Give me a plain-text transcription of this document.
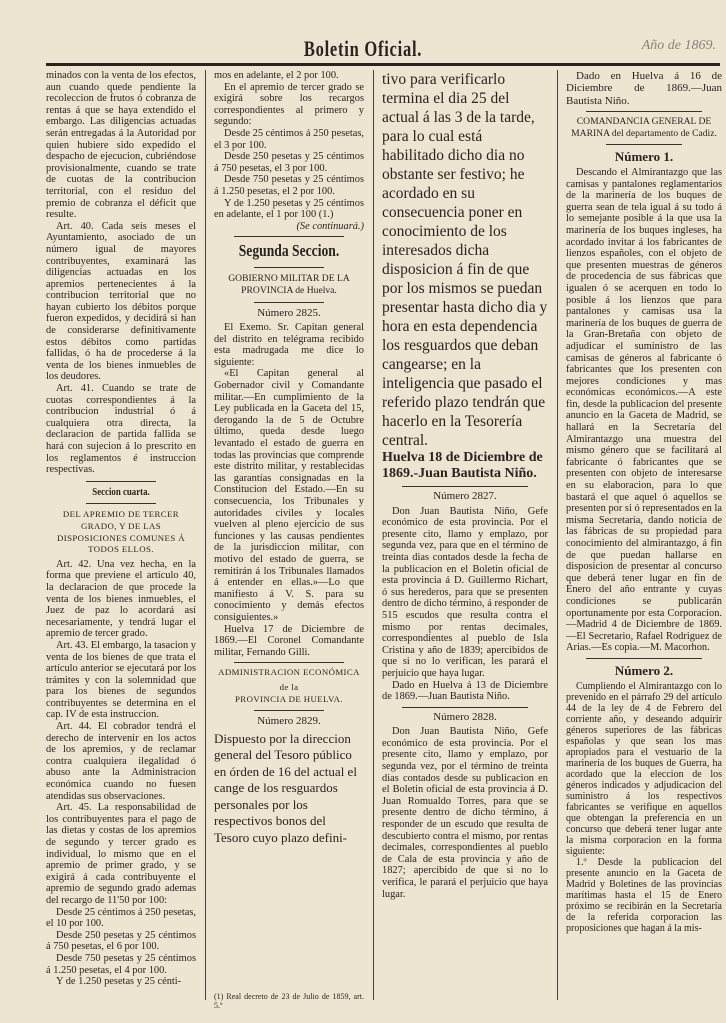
Boletin Oficial.	Año de 1869.

minados con la venta de los efectos, aun cuando quede pendiente la recoleccion de frutos ó cobranza de rentas á que se haya extendido el embargo. Las diligencias actuadas serán entregadas á la Autoridad por quien hubiere sido expedido el despacho de ejecucion, cubriéndose provisionalmente, cuando se trate de cuotas de la contribucion territorial, con el residuo del premio de cobranza el déficit que resulte.

Art. 40. Cada seis meses el Ayuntamiento, asociado de un número igual de mayores contribuyentes, examinará las diligencias actuadas en los apremios pertenecientes á la contribucion territorial que no hayan cubierto los débitos porque fueron expedidos, y decidirá si han de considerarse definitivamente estos débitos como partidas fallidas, ó ha de procederse á la venta de los bienes inmuebles de los deudores.

Art. 41. Cuando se trate de cuotas correspondientes á la contribucion industrial ó á cualquiera otra directa, la declaracion de partida fallida se hará con sujecion á lo prescrito en los reglamentos é instruccion respectivas.

Seccion cuarta.

DEL APREMIO DE TERCER GRADO, Y DE LAS DISPOSICIONES COMUNES Á TODOS ELLOS.

Art. 42. Una vez hecha, en la forma que previene el artículo 40, la declaracion de que procede la venta de los bienes inmuebles, el Juez de paz lo acordará así necesariamente, y tendrá lugar el apremio de tercer grado.

Art. 43. El embargo, la tasacion y venta de los bienes de que trata el artículo anterior se ejecutará por los trámites y con la solemnidad que para los bienes de segundos contribuyentes se determina en el cap. IV de esta instruccion.

Art. 44. El cobrador tendrá el derecho de intervenir en los actos de los apremios, y de reclamar contra cualquiera ilegalidad ó abuso ante la Administracion económica cuando no fuesen atendidas sus observaciones.

Art. 45. La responsabilidad de los contribuyentes para el pago de las dietas y costas de los apremios de segundo y tercer grado es individual, lo mismo que en el apremio de primer grado, y se exigirá á cada contribuyente el apremio de segundo grado ademas del recargo de 11'50 por 100:

Desde 25 céntimos á 250 pesetas, el 10 por 100.

Desde 250 pesetas y 25 céntimos á 750 pesetas, el 6 por 100.

Desde 750 pesetas y 25 céntimos á 1.250 pesetas, el 4 por 100.

Y de 1.250 pesetas y 25 cénti-

mos en adelante, el 2 por 100.

En el apremio de tercer grado se exigirá sobre los recargos correspondientes al primero y segundo:

Desde 25 céntimos á 250 pesetas, el 3 por 100.

Desde 250 pesetas y 25 céntimos á 750 pesetas, el 3 por 100.

Desde 750 pesetas y 25 céntimos á 1.250 pesetas, el 2 por 100.

Y de 1.250 pesetas y 25 céntimos en adelante, el 1 por 100 (1.)

(Se continuará.)

Segunda Seccion.

GOBIERNO MILITAR DE LA PROVINCIA de Huelva.

Número 2825.

El Exemo. Sr. Capitan general del distrito en telégrama recibido esta madrugada me dice lo siguiente:

«El Capitan general al Gobernador civil y Comandante militar.—En cumplimiento de la Ley publicada en la Gaceta del 15, derogando la de 5 de Octubre último, queda desde luego levantado el estado de guerra en todas las provincias que comprende este distrito militar, y restablecidas las garantías consignadas en la Constitucion del Estado.—En su consecuencia, los Tribunales y autoridades civiles y locales vuelven al pleno ejercicio de sus funciones y las causas pendientes de la jurisdiccion militar, con motivo del estado de guerra, se remitirán á los Tribunales llamados á entender en ellas.»—Lo que manifiesto á V. S. para su conocimiento y demás efectos consiguientes.»

Huelva 17 de Diciembre de 1869.—El Coronel Comandante militar, Fernando Gilli.

ADMINISTRACION ECONÓMICA

de la

PROVINCIA DE HUELVA.

Número 2829.

Dispuesto por la direccion general del Tesoro público en órden de 16 del actual el cange de los resguardos personales por los respectivos bonos del Tesoro cuyo plazo defini-

(1) Real decreto de 23 de Julio de 1859, art. 5.º

tivo para verificarlo termina el dia 25 del actual á las 3 de la tarde, para lo cual está habilitado dicho dia no obstante ser festivo; he acordado en su consecuencia poner en conocimiento de los interesados dicha disposicion á fin de que por los mismos se puedan presentar hasta dicho dia y hora en esta dependencia los resguardos que deban cangearse; en la inteligencia que pasado el referido plazo tendrán que hacerlo en la Tesorería central.

Huelva 18 de Diciembre de 1869.-Juan Bautista Niño.

Número 2827.

Don Juan Bautista Niño, Gefe económico de esta provincia. Por el presente cito, llamo y emplazo, por segunda vez, para que en el término de treinta dias contados desde la fecha de la publicacion en el Boletin oficial de esta provincia á D. Guillermo Richart, ó sus herederos, para que se presenten dentro de dicho término, á responder de 515 escudos que resulta contra el mismo por rentas decimales, correspondientes al pueblo de Isla Cristina y año de 1839; apercibidos de que si no lo verifican, les parará el perjuicio que haya lugar.

Dado en Huelva á 13 de Diciembre de 1869.—Juan Bautista Niño.

Número 2828.

Don Juan Bautista Niño, Gefe económico de esta provincia. Por el presente cito, llamo y emplazo, por segunda vez, por el término de treinta dias contados desde su publicacion en el Boletin oficial de esta provincia á D. Juan Romualdo Torres, para que se presente dentro de dicho término, á responder de un escudo que resulta de descubierto contra el mismo, por rentas decimales, correspondientes al pueblo de Cala de esta provincia y año de 1827; apercibido de que si no lo verifica, le parará el perjuicio que haya lugar.

Dado en Huelva á 16 de Diciembre de 1869.—Juan Bautista Niño.

COMANDANCIA GENERAL DE MARINA del departamento de Cadiz.

Número 1.

Descando el Almirantazgo que las camisas y pantalones reglamentarios de la marinería de los buques de guerra sean de tela igual á su todo á lo semejante posible á la que usa la marinería de los buques ingleses, ha acordado invitar á los fabricantes de lienzos españoles, con el objeto de que presenten muestras de géneros de procedencia de sus fábricas que igualen ó se acerquen en todo lo posible á los lienzos que para pantalones y camisas usa la marinería de los buques de guerra de la Gran-Bretaña con objeto de adjudicar el suministro de las camisas de géneros al fabricante ó fabricantes que los presenten con mejores condiciones y mas económicas económicos.—A este fin, desde la publicacion del presente anuncio en la Gaceta de Madrid, se hallará en la Secretaría del Almirantazgo una muestra del mismo género que se facilitará al fabricante ó fabricantes que se presenten con objeto de interesarse en su elaboracion, para lo que bastará el que aquel ó aquellos se presenten por si ó representados en la misma Secretaría, dando noticia de las fábricas de su propiedad para conocimiento del almirantazgo, á fin de que puedan hallarse en disposicion de presentar al concurso que deberá tener lugar en fin de Enero del año entrante y cuyas condiciones se publicarán oportunamente por esta Corporacion.—Madrid 4 de Diciembre de 1869.—El Secretario, Rafael Rodriguez de Arias.—Es copia.—M. Macorhon.

Número 2.

Cumpliendo el Almirantazgo con lo prevenido en el párrafo 29 del artículo 44 de la ley de 4 de Febrero del corriente año, y deseando adquirir géneros superiores de las fábricas españolas y que sean los mas apropiados para el vestuario de la marinería de los buques de Guerra, ha acordado que la eleccion de los géneros indicados y adjudicacion del suministro á los respectivos fabricantes se verifique en aquellos que obtengan la preferencia en un concurso que deberá tener lugar ante la misma corporacion en la forma siguiente:

1.º Desde la publicacion del presente anuncio en la Gaceta de Madrid y Boletines de las provincias marítimas hasta el 15 de Enero próximo se recibirán en la Secretaría de la referida corporacion las proposiciones que hagan á la mis-
